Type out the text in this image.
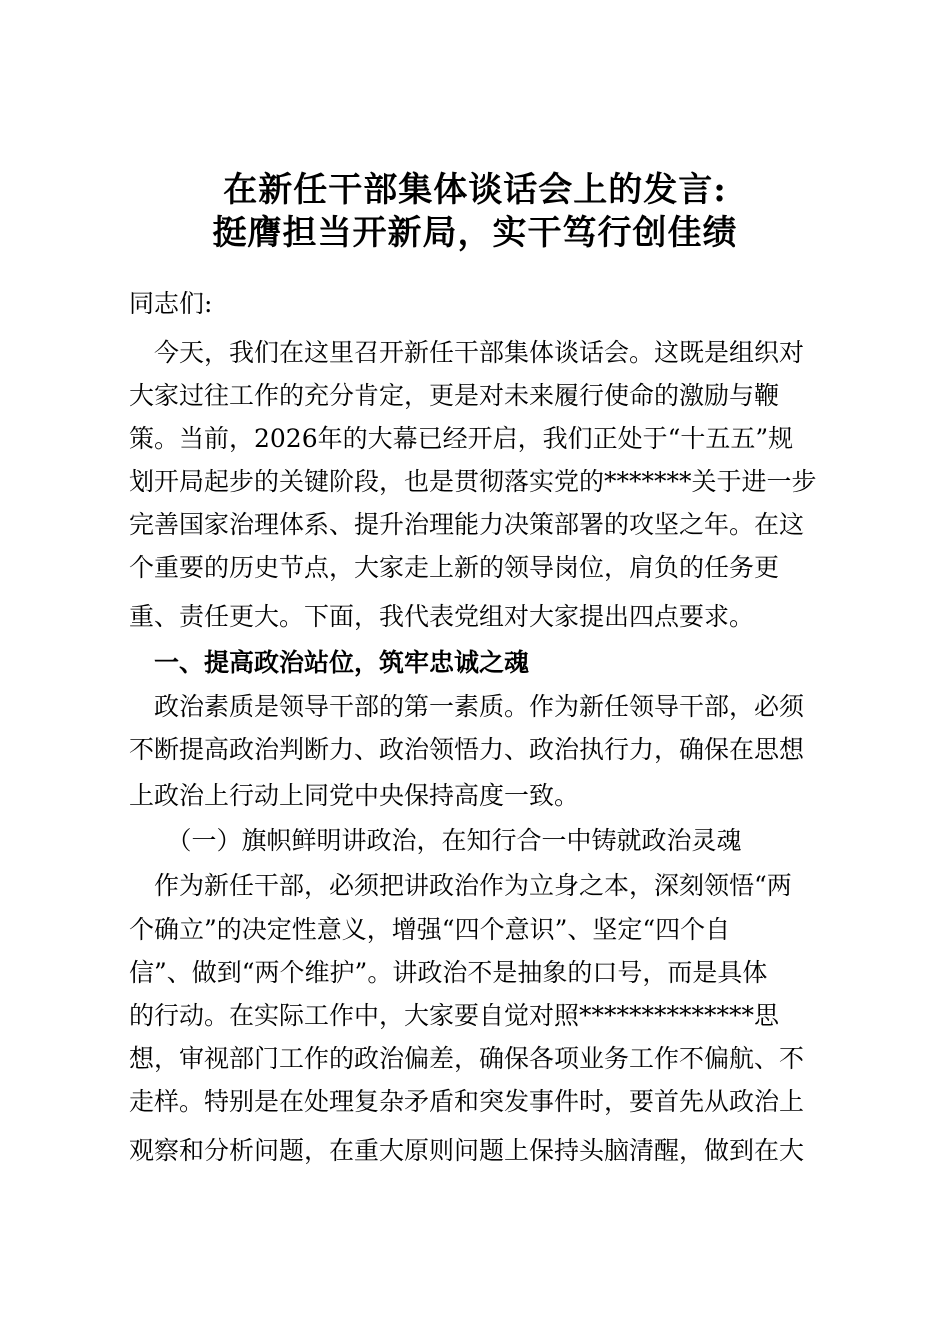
在新任干部集体谈话会上的发言:
挺膺担当开新局，实干笃行创佳绩
同志们:
　今天，我们在这里召开新任干部集体谈话会。这既是组织对
大家过往工作的充分肯定，更是对未来履行使命的激励与鞭
策。当前，2026年的大幕已经开启，我们正处于“十五五”规
划开局起步的关键阶段，也是贯彻落实党的*******关于进一步
完善国家治理体系、提升治理能力决策部署的攻坚之年。在这
个重要的历史节点，大家走上新的领导岗位，肩负的任务更
重、责任更大。下面，我代表党组对大家提出四点要求。
　一、提高政治站位，筑牢忠诚之魂
　政治素质是领导干部的第一素质。作为新任领导干部，必须
不断提高政治判断力、政治领悟力、政治执行力，确保在思想
上政治上行动上同党中央保持高度一致。
　　（一）旗帜鲜明讲政治，在知行合一中铸就政治灵魂
　作为新任干部，必须把讲政治作为立身之本，深刻领悟“两
个确立”的决定性意义，增强“四个意识”、坚定“四个自
信”、做到“两个维护”。讲政治不是抽象的口号，而是具体
的行动。在实际工作中，大家要自觉对照**************思
想，审视部门工作的政治偏差，确保各项业务工作不偏航、不
走样。特别是在处理复杂矛盾和突发事件时，要首先从政治上
观察和分析问题，在重大原则问题上保持头脑清醒，做到在大
